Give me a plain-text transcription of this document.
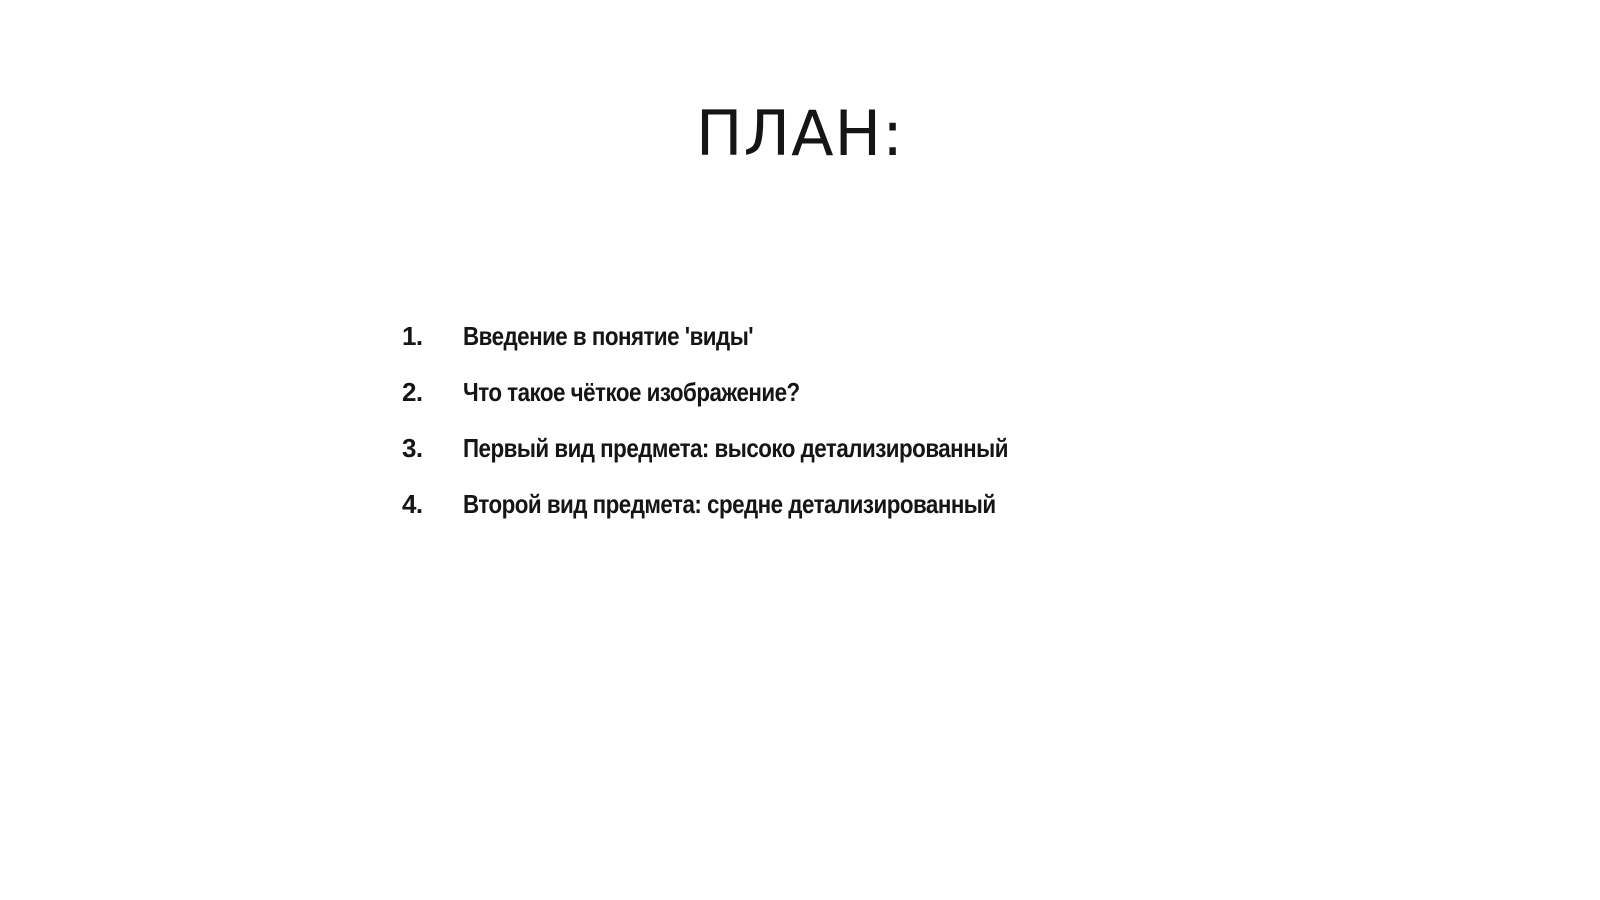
ПЛАН:
1.	Введение в понятие 'виды'
2.	Что такое чёткое изображение?
3.	Первый вид предмета: высоко детализированный
4.	Второй вид предмета: средне детализированный
